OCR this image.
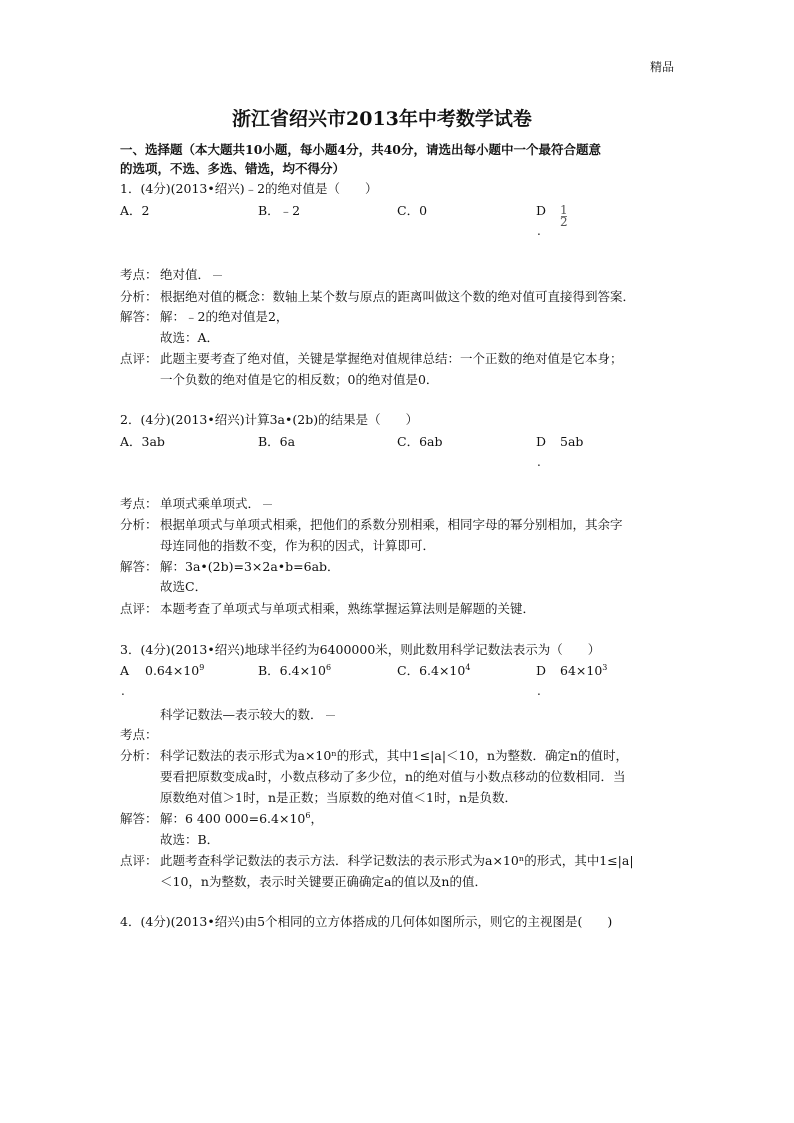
精品
浙江省绍兴市2013年中考数学试卷
一、选择题（本大题共10小题，每小题4分，共40分，请选出每小题中一个最符合题意
的选项，不选、多选、错选，均不得分）
1．(4分)(2013•绍兴)﹣2的绝对值是（　　）
A．2	B．﹣2	C．0	D
.
1
2
考点： 绝对值．
分析： 根据绝对值的概念：数轴上某个数与原点的距离叫做这个数的绝对值可直接得到答案．
解答： 解：﹣2的绝对值是2，
故选：A．
点评： 此题主要考查了绝对值，关键是掌握绝对值规律总结：一个正数的绝对值是它本身；
一个负数的绝对值是它的相反数；0的绝对值是0．
2．(4分)(2013•绍兴)计算3a•(2b)的结果是（　　）
A．3ab	B．6a	C．6ab	D 5ab
.
考点： 单项式乘单项式．
分析： 根据单项式与单项式相乘，把他们的系数分别相乘，相同字母的幂分别相加，其余字
母连同他的指数不变，作为积的因式，计算即可．
解答： 解：3a•(2b)=3×2a•b=6ab．
故选C．
点评： 本题考查了单项式与单项式相乘，熟练掌握运算法则是解题的关键．
3．(4分)(2013•绍兴)地球半径约为6400000米，则此数用科学记数法表示为（　　）
A
.
$0.64\times 10^9$	B．$6.4\times 10^6$	C．$6.4\times 10^4$	D
.
$64\times 10^3$
科学记数法—表示较大的数．
考点：
分析： 科学记数法的表示形式为a×10ⁿ的形式，其中1≤|a|＜10，n为整数．确定n的值时，
要看把原数变成a时，小数点移动了多少位，n的绝对值与小数点移动的位数相同．当
原数绝对值＞1时，n是正数；当原数的绝对值＜1时，n是负数．
解答： 解：6 400 $000=6.4\times 10^6$，
故选：B．
点评： 此题考查科学记数法的表示方法．科学记数法的表示形式为a×10ⁿ的形式，其中1≤|a|
＜10，n为整数，表示时关键要正确确定a的值以及n的值．
4．(4分)(2013•绍兴)由5个相同的立方体搭成的几何体如图所示，则它的主视图是(　　)
